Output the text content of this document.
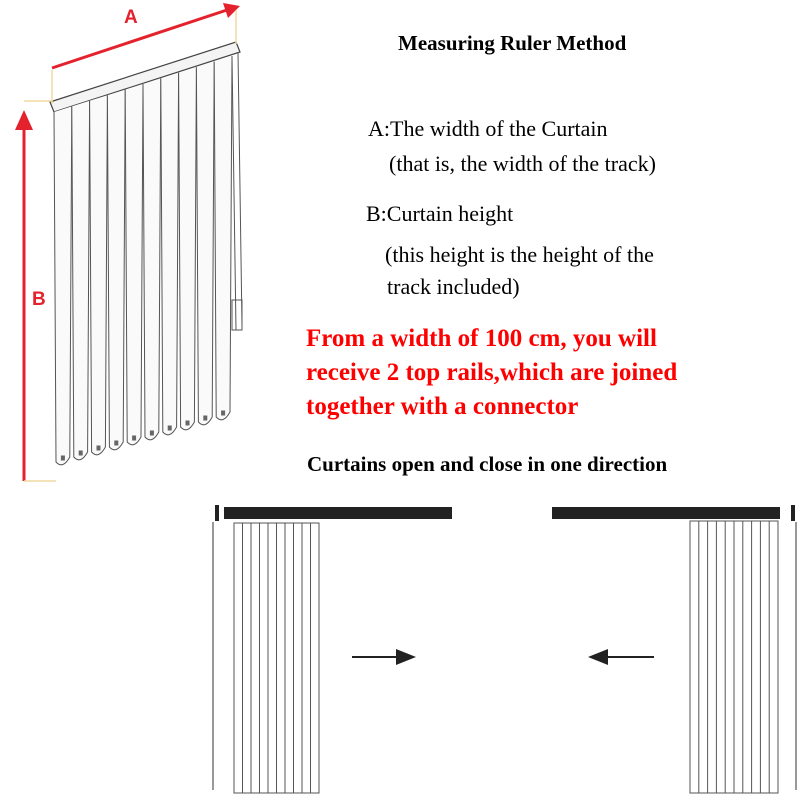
A
B
Measuring Ruler Method
A:The width of the Curtain
(that is, the width of the track)
B:Curtain height
(this height is the height of the
track included)
From a width of 100 cm, you will
receive 2 top rails,which are joined
together with a connector
Curtains open and close in one direction
